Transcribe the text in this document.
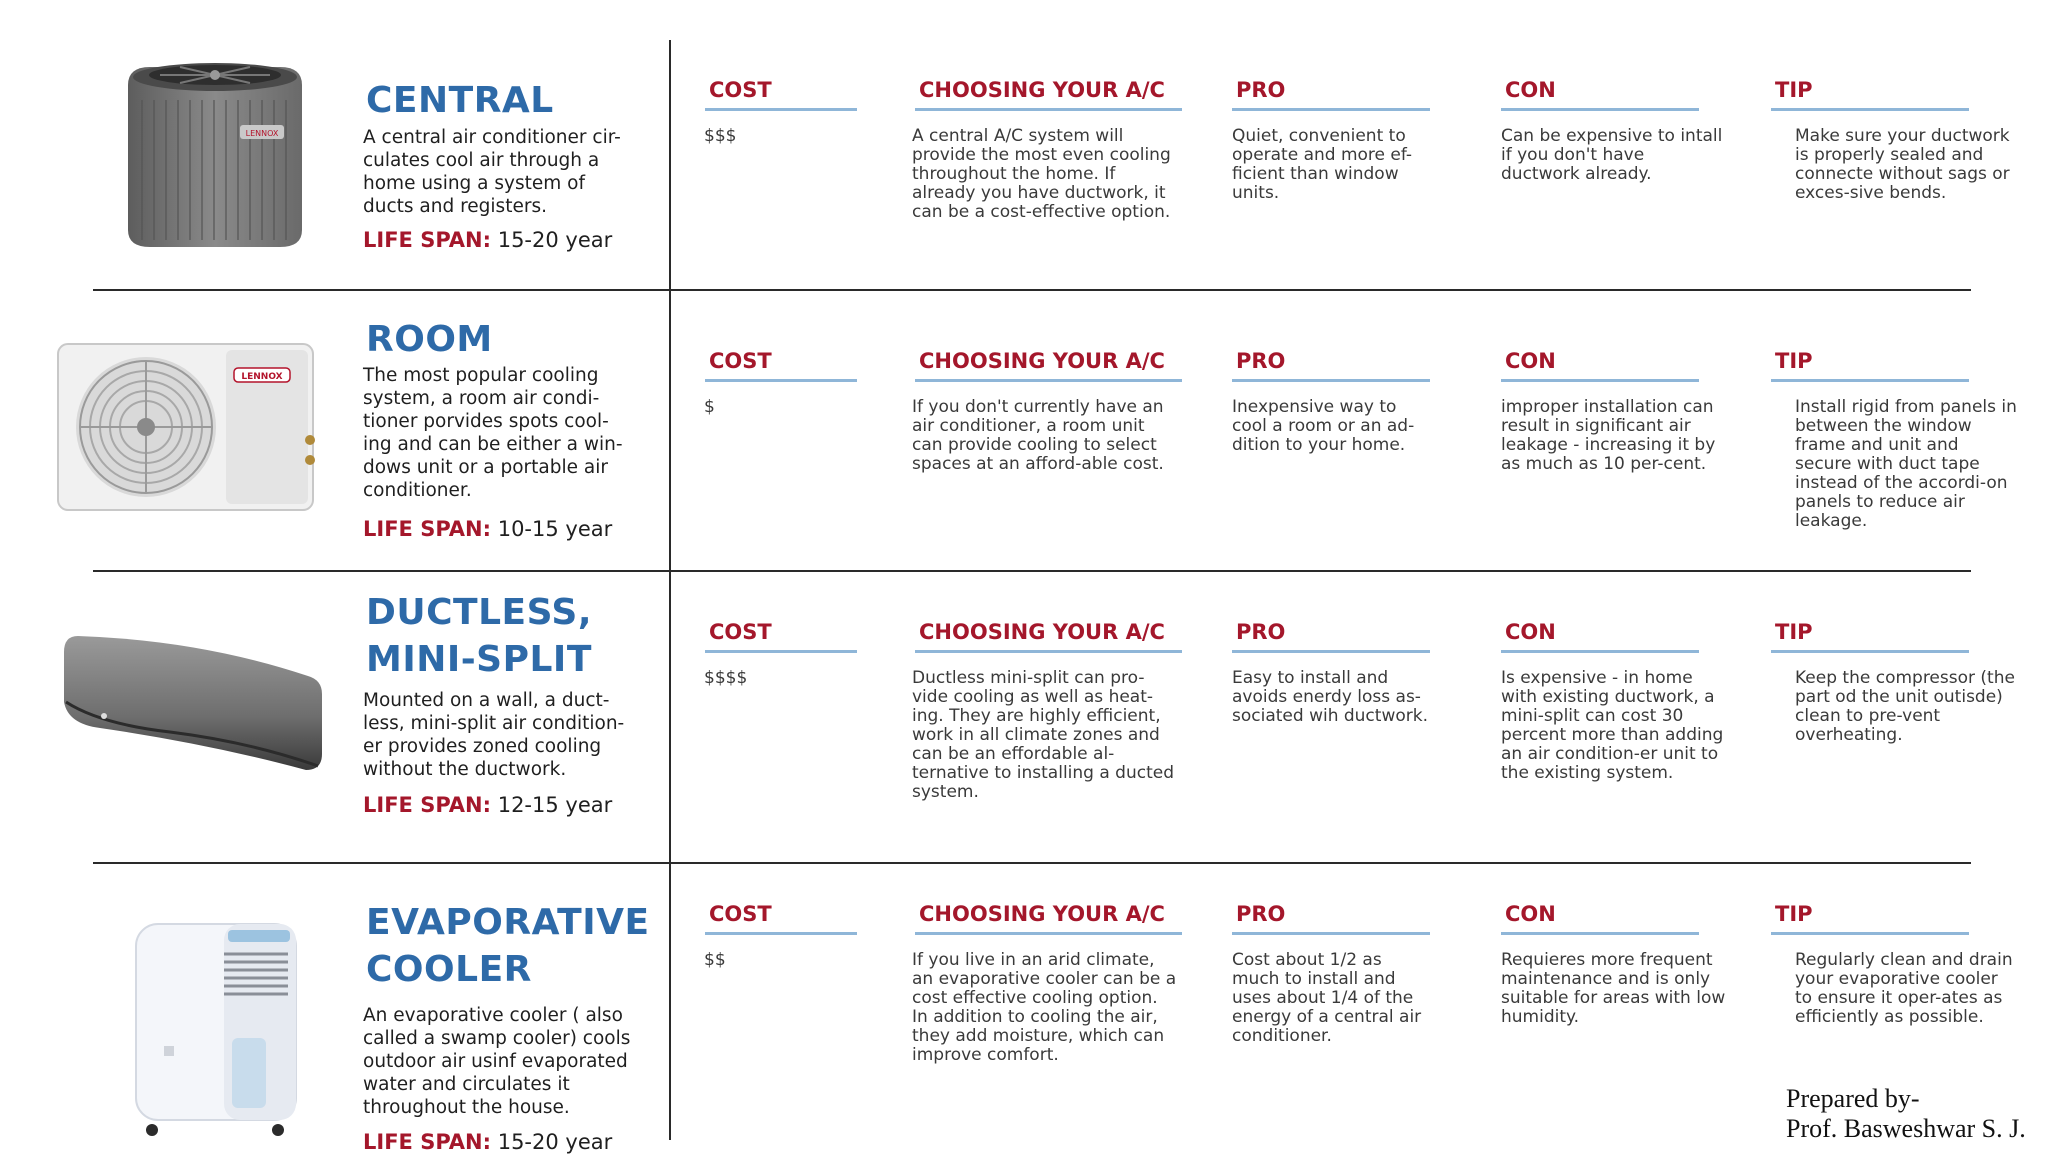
LENNOX
CENTRAL

A central air conditioner cir-culates cool air through a home using a system of ducts and registers.

LIFE SPAN: 15-20 year

COST

$$$

CHOOSING YOUR A/C

A central A/C system will provide the most even cooling throughout the home. If already you have ductwork, it can be a cost-effective option.

PRO

Quiet, convenient to operate and more ef-ficient than window units.

CON

Can be expensive to intall if you don't have ductwork already.

TIP

Make sure your ductwork is properly sealed and connecte without sags or exces-sive bends.

LENNOX
ROOM

The most popular cooling system, a room air condi-tioner porvides spots cool-ing and can be either a win-dows unit or a portable air conditioner.

LIFE SPAN: 10-15 year

COST

$

CHOOSING YOUR A/C

If you don't currently have an air conditioner, a room unit can provide cooling to select spaces at an afford-able cost.

PRO

Inexpensive way to cool a room or an ad-dition to your home.

CON

improper installation can result in significant air leakage - increasing it by as much as 10 per-cent.

TIP

Install rigid from panels in between the window frame and unit and secure with duct tape instead of the accordi-on panels to reduce air leakage.

DUCTLESS,
MINI-SPLIT

Mounted on a wall, a duct-less, mini-split air condition-er provides zoned cooling without the ductwork.

LIFE SPAN: 12-15 year

COST

$$$$

CHOOSING YOUR A/C

Ductless mini-split can pro-vide cooling as well as heat-ing. They are highly efficient, work in all climate zones and can be an effordable al-ternative to installing a ducted system.

PRO

Easy to install and avoids enerdy loss as-sociated wih ductwork.

CON

Is expensive - in home with existing ductwork, a mini-split can cost 30 percent more than adding an air condition-er unit to the existing system.

TIP

Keep the compressor (the part od the unit outisde) clean to pre-vent overheating.

EVAPORATIVE
COOLER

An evaporative cooler ( also called a swamp cooler) cools outdoor air usinf evaporated water and circulates it throughout the house.

LIFE SPAN: 15-20 year

COST

$$

CHOOSING YOUR A/C

If you live in an arid climate, an evaporative cooler can be a cost effective cooling option. In addition to cooling the air, they add moisture, which can improve comfort.

PRO

Cost about 1/2 as much to install and uses about 1/4 of the energy of a central air conditioner.

CON

Requieres more frequent maintenance and is only suitable for areas with low humidity.

TIP

Regularly clean and drain your evaporative cooler to ensure it oper-ates as efficiently as possible.

Prepared by-

Prof. Basweshwar S. J.
